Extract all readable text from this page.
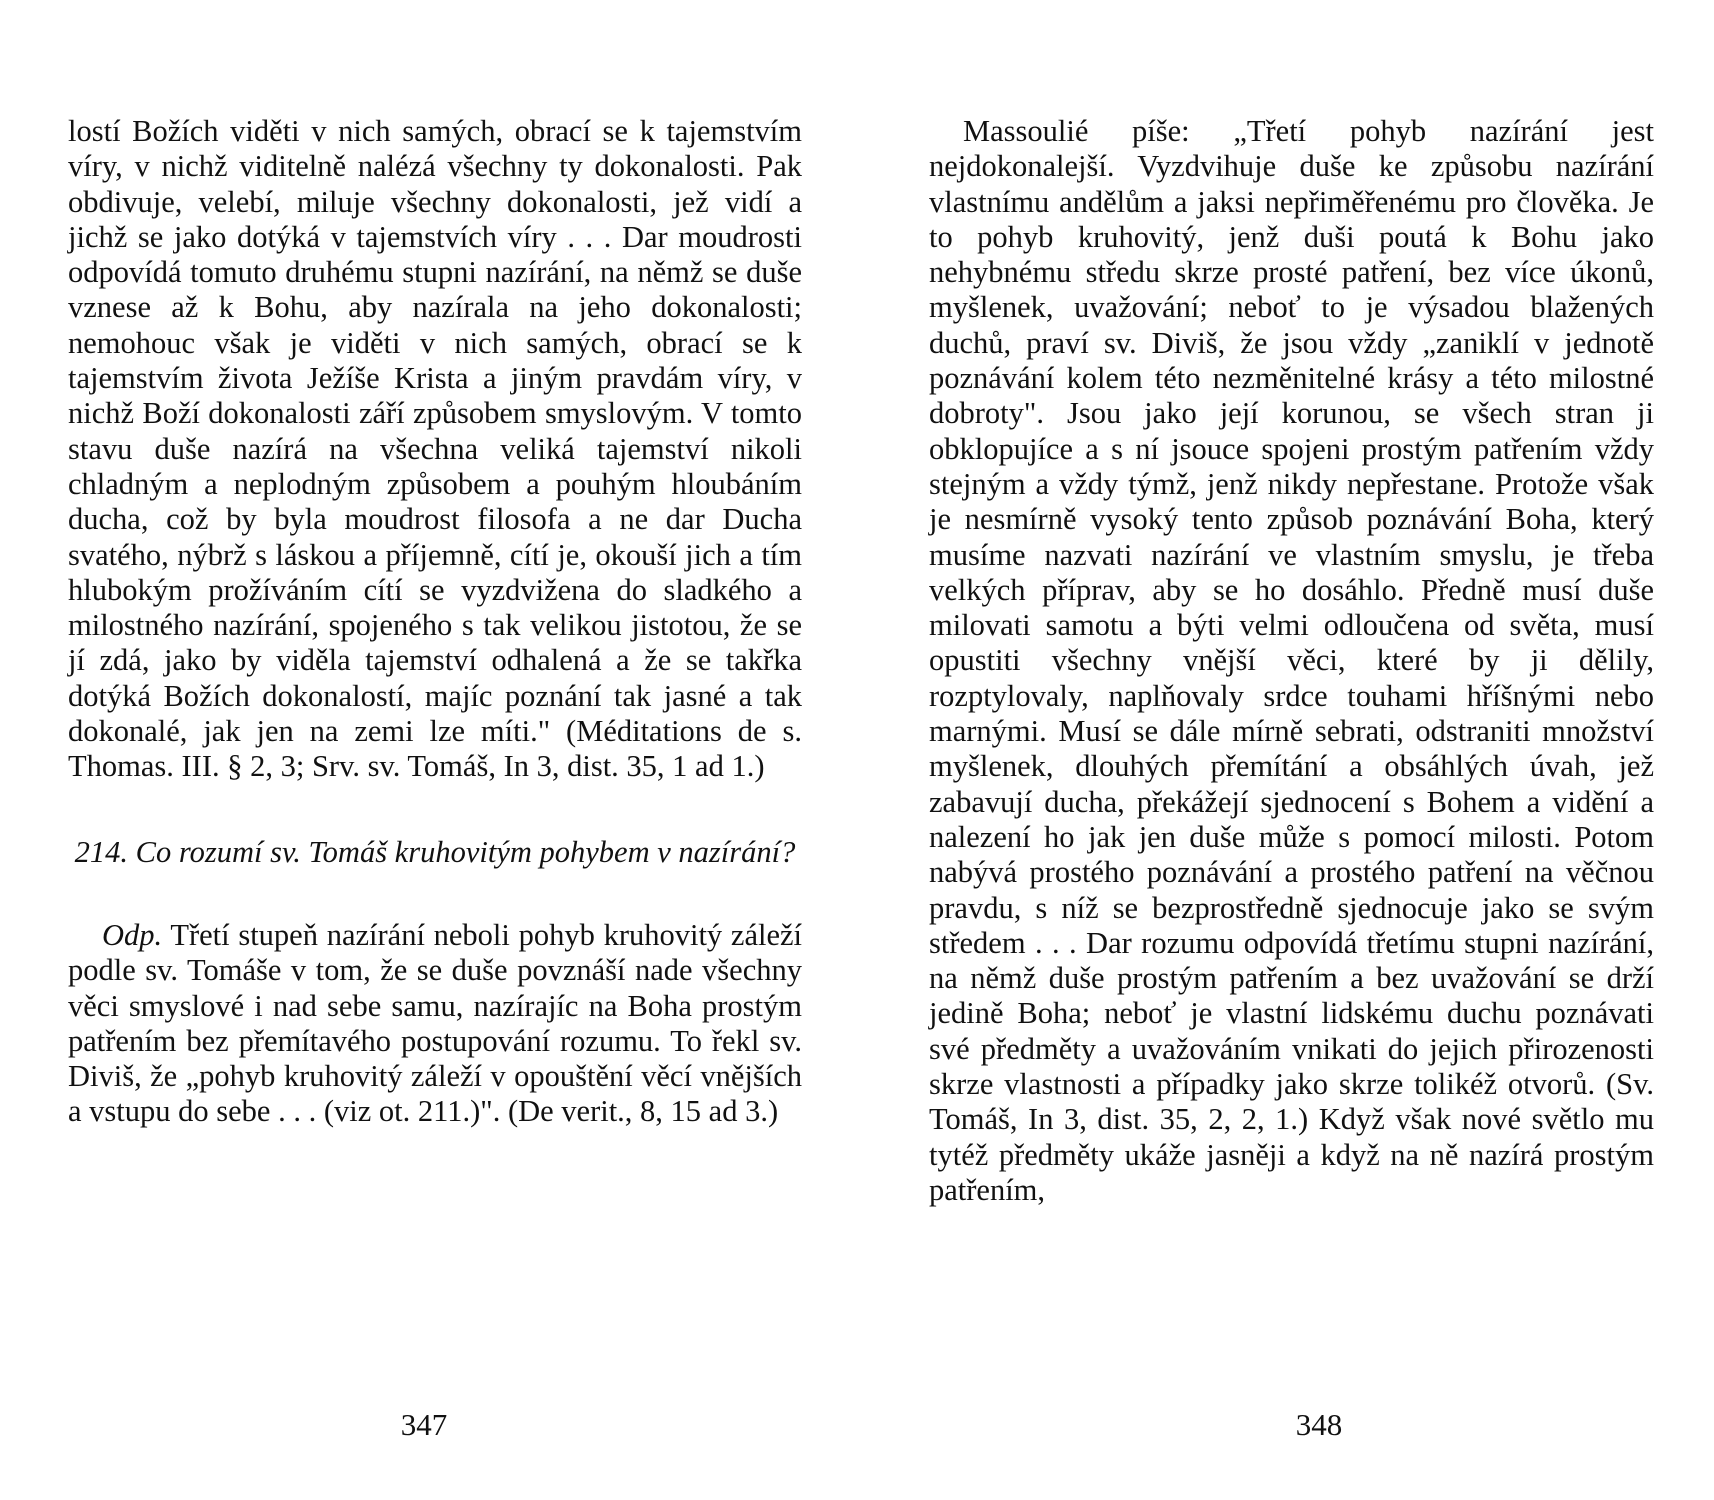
lostí Božích viděti v nich samých, obrací se k tajemstvím víry, v nichž viditelně nalézá všechny ty dokonalosti. Pak obdivuje, velebí, miluje všechny dokonalosti, jež vidí a jichž se jako dotýká v tajemstvích víry . . . Dar moudrosti odpovídá tomuto druhému stupni nazírání, na němž se duše vznese až k Bohu, aby nazírala na jeho dokonalosti; nemohouc však je viděti v nich samých, obrací se k tajemstvím života Ježíše Krista a jiným pravdám víry, v nichž Boží dokonalosti září způsobem smyslovým. V tomto stavu duše nazírá na všechna veliká tajemství nikoli chladným a neplodným způsobem a pouhým hloubáním ducha, což by byla moudrost filosofa a ne dar Ducha svatého, nýbrž s láskou a příjemně, cítí je, okouší jich a tím hlubokým prožíváním cítí se vyzdvižena do sladkého a milostného nazírání, spojeného s tak velikou jistotou, že se jí zdá, jako by viděla tajemství odhalená a že se takřka dotýká Božích dokonalostí, majíc poznání tak jasné a tak dokonalé, jak jen na zemi lze míti." (Méditations de s. Thomas. III. § 2, 3; Srv. sv. Tomáš, In 3, dist. 35, 1 ad 1.)

214. Co rozumí sv. Tomáš kruhovitým pohybem v nazírání?

Odp. Třetí stupeň nazírání neboli pohyb kruhovitý záleží podle sv. Tomáše v tom, že se duše povznáší nade všechny věci smyslové i nad sebe samu, nazírajíc na Boha prostým patřením bez přemítavého postupování rozumu. To řekl sv. Diviš, že „pohyb kruhovitý záleží v opouštění věcí vnějších a vstupu do sebe . . . (viz ot. 211.)". (De verit., 8, 15 ad 3.)

347

Massoulié píše: „Třetí pohyb nazírání jest nejdokonalejší. Vyzdvihuje duše ke způsobu nazírání vlastnímu andělům a jaksi nepřiměřenému pro člověka. Je to pohyb kruhovitý, jenž duši poutá k Bohu jako nehybnému středu skrze prosté patření, bez více úkonů, myšlenek, uvažování; neboť to je výsadou blažených duchů, praví sv. Diviš, že jsou vždy „zaniklí v jednotě poznávání kolem této nezměnitelné krásy a této milostné dobroty". Jsou jako její korunou, se všech stran ji obklopujíce a s ní jsouce spojeni prostým patřením vždy stejným a vždy týmž, jenž nikdy nepřestane. Protože však je nesmírně vysoký tento způsob poznávání Boha, který musíme nazvati nazírání ve vlastním smyslu, je třeba velkých příprav, aby se ho dosáhlo. Předně musí duše milovati samotu a býti velmi odloučena od světa, musí opustiti všechny vnější věci, které by ji dělily, rozptylovaly, naplňovaly srdce touhami hříšnými nebo marnými. Musí se dále mírně sebrati, odstraniti množství myšlenek, dlouhých přemítání a obsáhlých úvah, jež zabavují ducha, překážejí sjednocení s Bohem a vidění a nalezení ho jak jen duše může s pomocí milosti. Potom nabývá prostého poznávání a prostého patření na věčnou pravdu, s níž se bezprostředně sjednocuje jako se svým středem . . . Dar rozumu odpovídá třetímu stupni nazírání, na němž duše prostým patřením a bez uvažování se drží jedině Boha; neboť je vlastní lidskému duchu poznávati své předměty a uvažováním vnikati do jejich přirozenosti skrze vlastnosti a případky jako skrze tolikéž otvorů. (Sv. Tomáš, In 3, dist. 35, 2, 2, 1.) Když však nové světlo mu tytéž předměty ukáže jasněji a když na ně nazírá prostým patřením,

348
